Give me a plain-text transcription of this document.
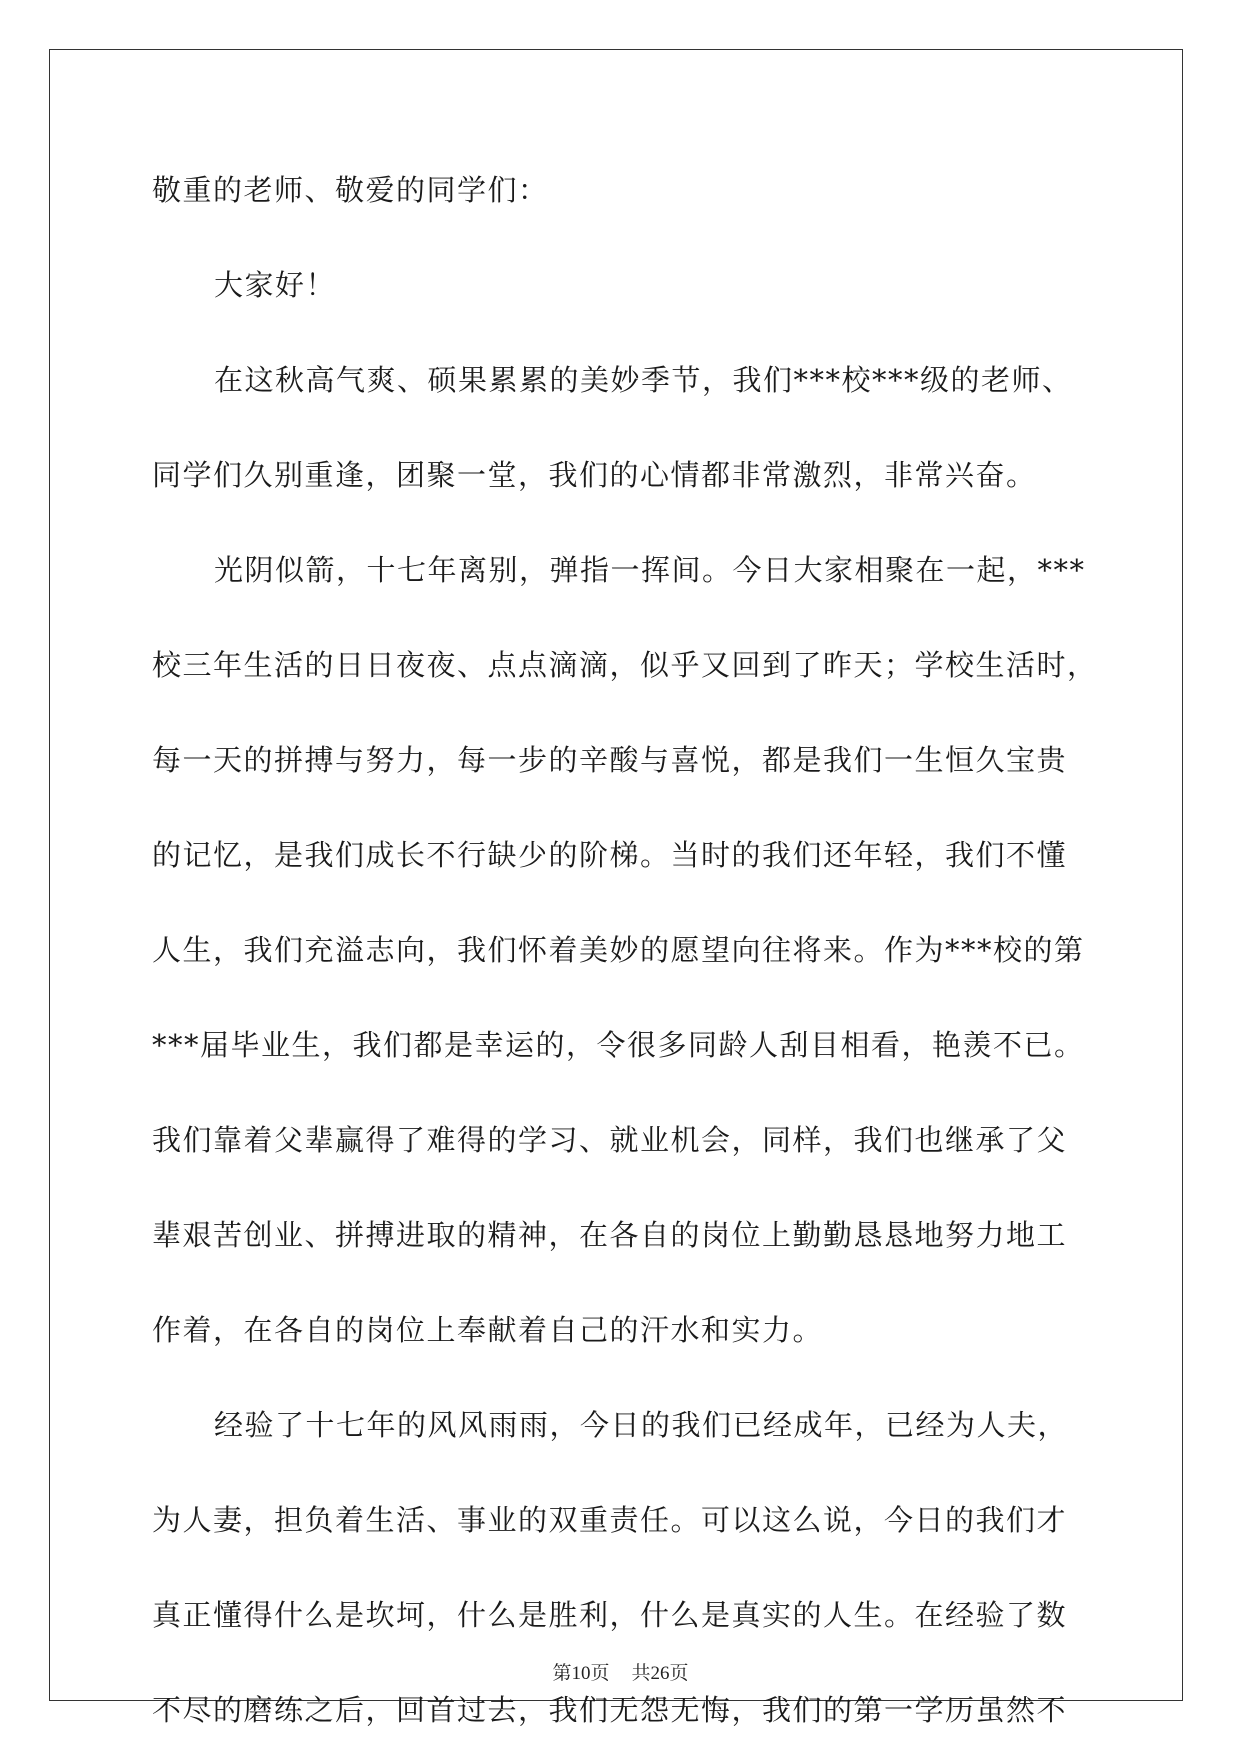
敬重的老师、敬爱的同学们：
大家好！
在这秋高气爽、硕果累累的美妙季节，我们***校***级的老师、
同学们久别重逢，团聚一堂，我们的心情都非常激烈，非常兴奋。
光阴似箭，十七年离别，弹指一挥间。今日大家相聚在一起，***
校三年生活的日日夜夜、点点滴滴，似乎又回到了昨天；学校生活时，
每一天的拼搏与努力，每一步的辛酸与喜悦，都是我们一生恒久宝贵
的记忆，是我们成长不行缺少的阶梯。当时的我们还年轻，我们不懂
人生，我们充溢志向，我们怀着美妙的愿望向往将来。作为***校的第
***届毕业生，我们都是幸运的，令很多同龄人刮目相看，艳羡不已。
我们靠着父辈赢得了难得的学习、就业机会，同样，我们也继承了父
辈艰苦创业、拼搏进取的精神，在各自的岗位上勤勤恳恳地努力地工
作着，在各自的岗位上奉献着自己的汗水和实力。
经验了十七年的风风雨雨，今日的我们已经成年，已经为人夫，
为人妻，担负着生活、事业的双重责任。可以这么说，今日的我们才
真正懂得什么是坎坷，什么是胜利，什么是真实的人生。在经验了数
不尽的磨练之后，回首过去，我们无怨无悔，我们的第一学历虽然不
第10页 共26页
